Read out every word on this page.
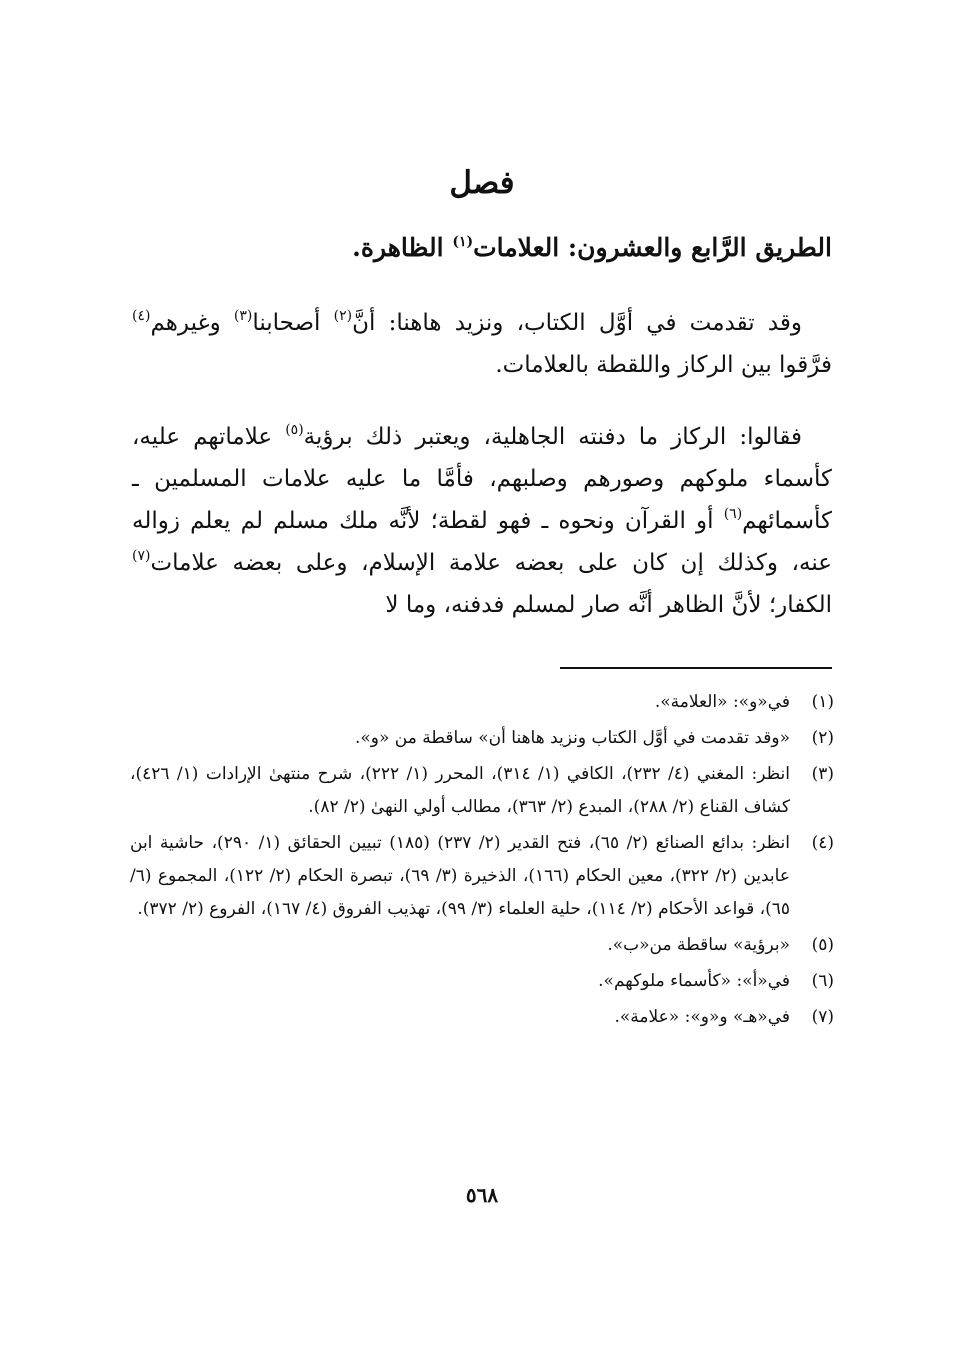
فصل
الطريق الرَّابع والعشرون: العلامات$^{(١)}$ الظاهرة.

وقد تقدمت في أوَّل الكتاب، ونزيد هاهنا: أنَّ$^{(٢)}$ أصحابنا$^{(٣)}$ وغيرهم$^{(٤)}$ فرَّقوا بين الركاز واللقطة بالعلامات.

فقالوا: الركاز ما دفنته الجاهلية، ويعتبر ذلك برؤية$^{(٥)}$ علاماتهم عليه، كأسماء ملوكهم وصورهم وصلبهم، فأمَّا ما عليه علامات المسلمين ـ كأسمائهم$^{(٦)}$ أو القرآن ونحوه ـ فهو لقطة؛ لأنَّه ملك مسلم لم يعلم زواله عنه، وكذلك إن كان على بعضه علامة الإسلام، وعلى بعضه علامات$^{(٧)}$ الكفار؛ لأنَّ الظاهر أنَّه صار لمسلم فدفنه، وما لا

(١)
في«و»: «العلامة».
(٢)
«وقد تقدمت في أوَّل الكتاب ونزيد هاهنا أن» ساقطة من «و».
(٣)
انظر: المغني (٤/ ٢٣٢)، الكافي (١/ ٣١٤)، المحرر (١/ ٢٢٢)، شرح منتهىٰ الإرادات (١/ ٤٢٦)، كشاف القناع (٢/ ٢٨٨)، المبدع (٢/ ٣٦٣)، مطالب أولي النهىٰ (٢/ ٨٢).
(٤)
انظر: بدائع الصنائع (٢/ ٦٥)، فتح القدير (٢/ ٢٣٧) (١٨٥) تبيين الحقائق (١/ ٢٩٠)، حاشية ابن عابدين (٢/ ٣٢٢)، معين الحكام (١٦٦)، الذخيرة (٣/ ٦٩)، تبصرة الحكام (٢/ ١٢٢)، المجموع (٦/ ٦٥)، قواعد الأحكام (٢/ ١١٤)، حلية العلماء (٣/ ٩٩)، تهذيب الفروق (٤/ ١٦٧)، الفروع (٢/ ٣٧٢).
(٥)
«برؤية» ساقطة من«ب».
(٦)
في«أ»: «كأسماء ملوكهم».
(٧)
في«هـ» و«و»: «علامة».
٥٦٨
